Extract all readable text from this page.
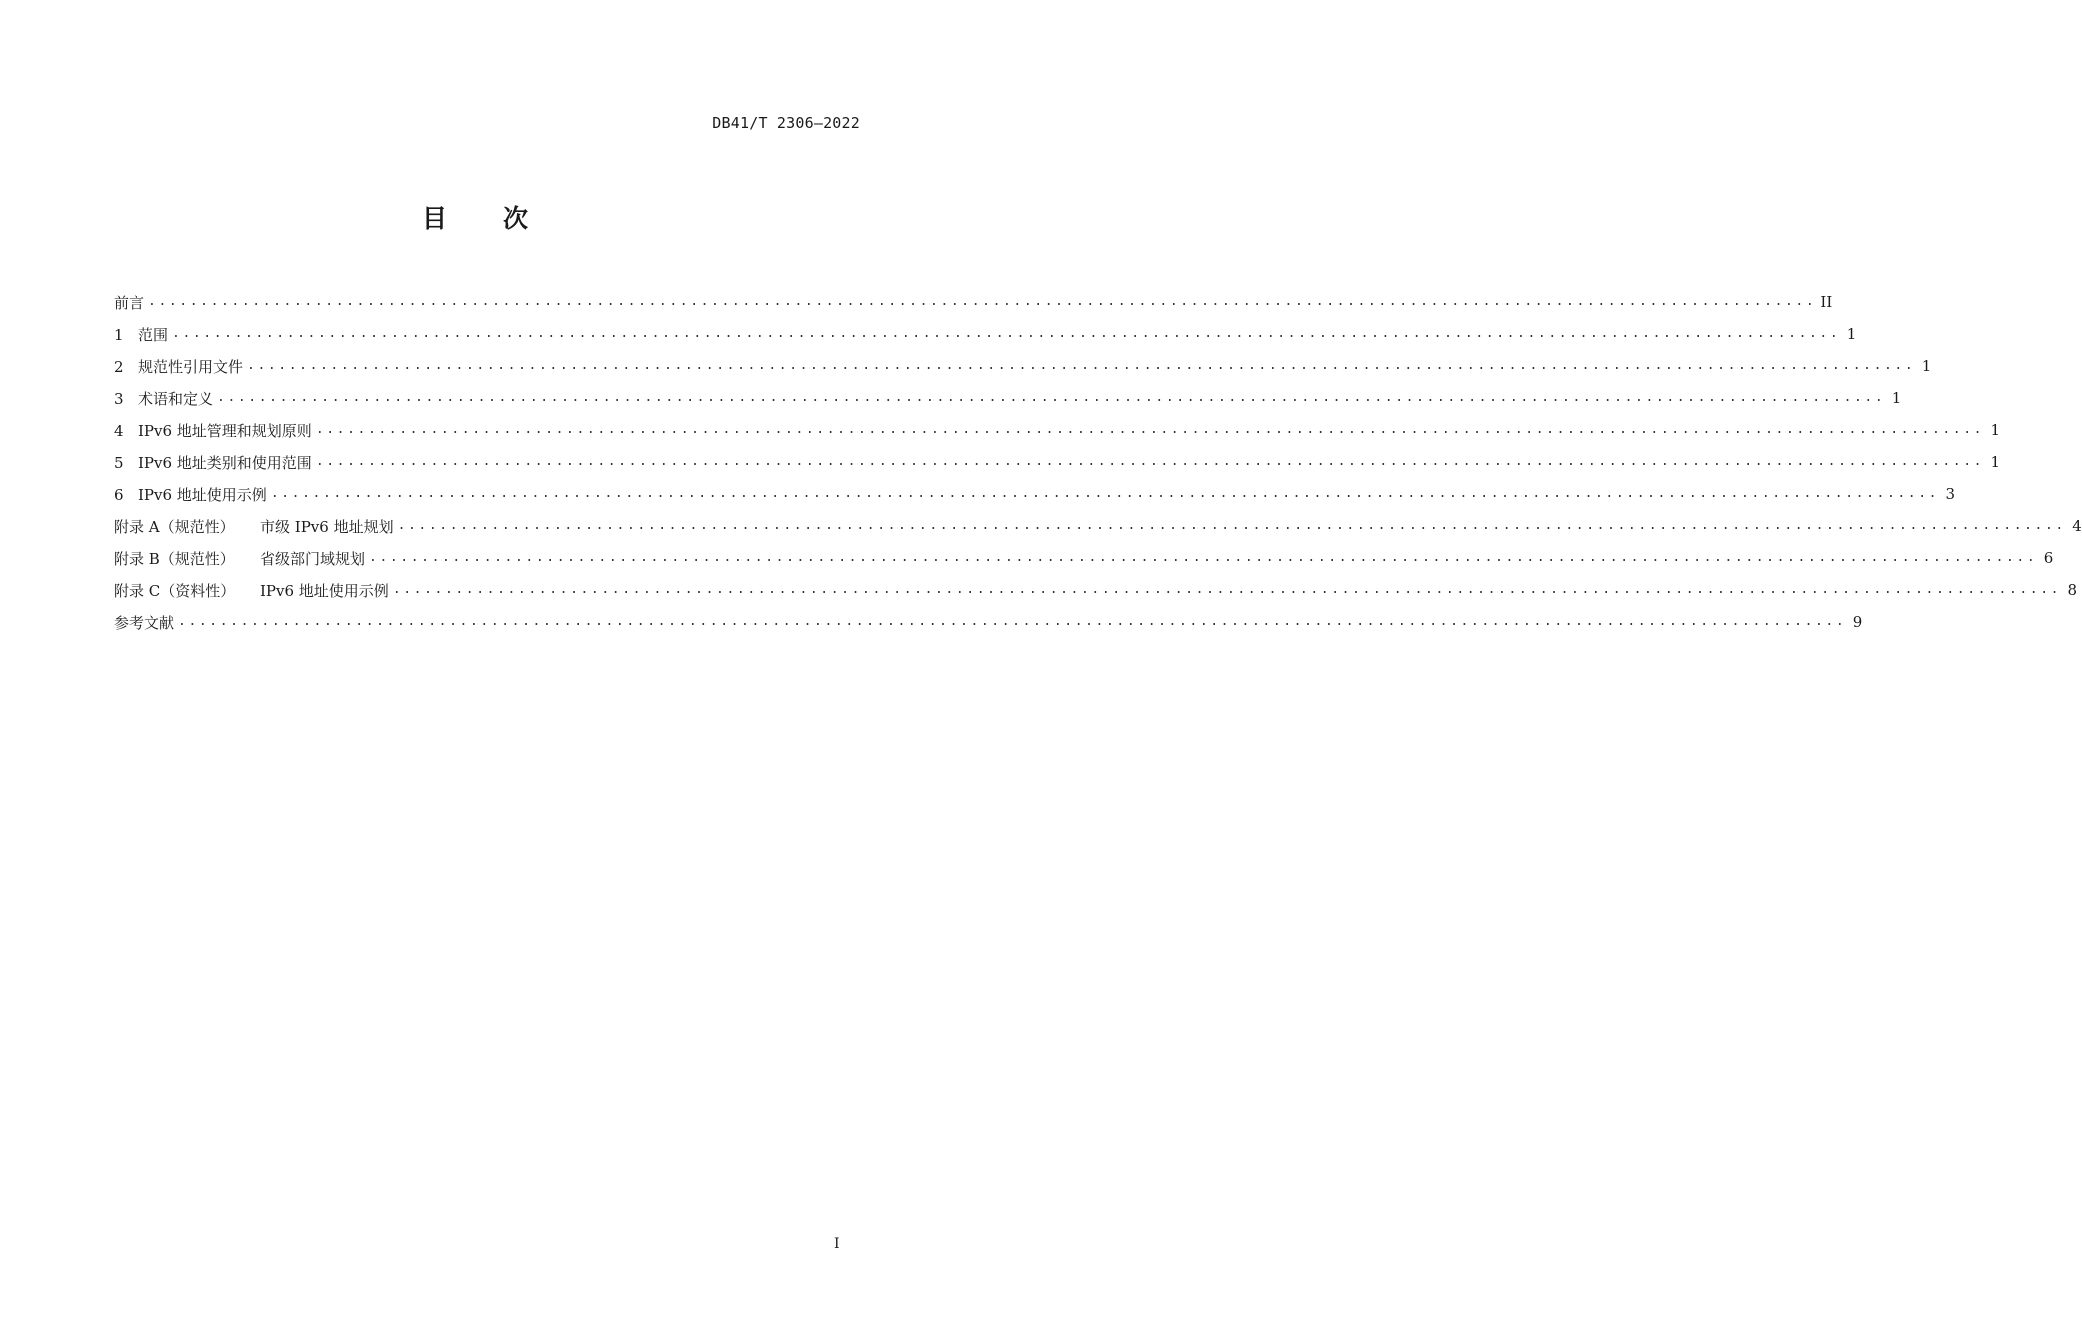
DB41/T 2306—2022
目 次
前言 ................................................................................................................................................................ II
1 范围 ................................................................................................................................................................ 1
2 规范性引用文件 ................................................................................................................................................................ 1
3 术语和定义 ................................................................................................................................................................ 1
4 IPv6 地址管理和规划原则 ................................................................................................................................................................ 1
5 IPv6 地址类别和使用范围 ................................................................................................................................................................ 1
6 IPv6 地址使用示例 ................................................................................................................................................................ 3
附录 A（规范性） 市级 IPv6 地址规划 ................................................................................................................................................................ 4
附录 B（规范性） 省级部门域规划 ................................................................................................................................................................ 6
附录 C（资料性） IPv6 地址使用示例 ................................................................................................................................................................ 8
参考文献 ................................................................................................................................................................ 9
I
